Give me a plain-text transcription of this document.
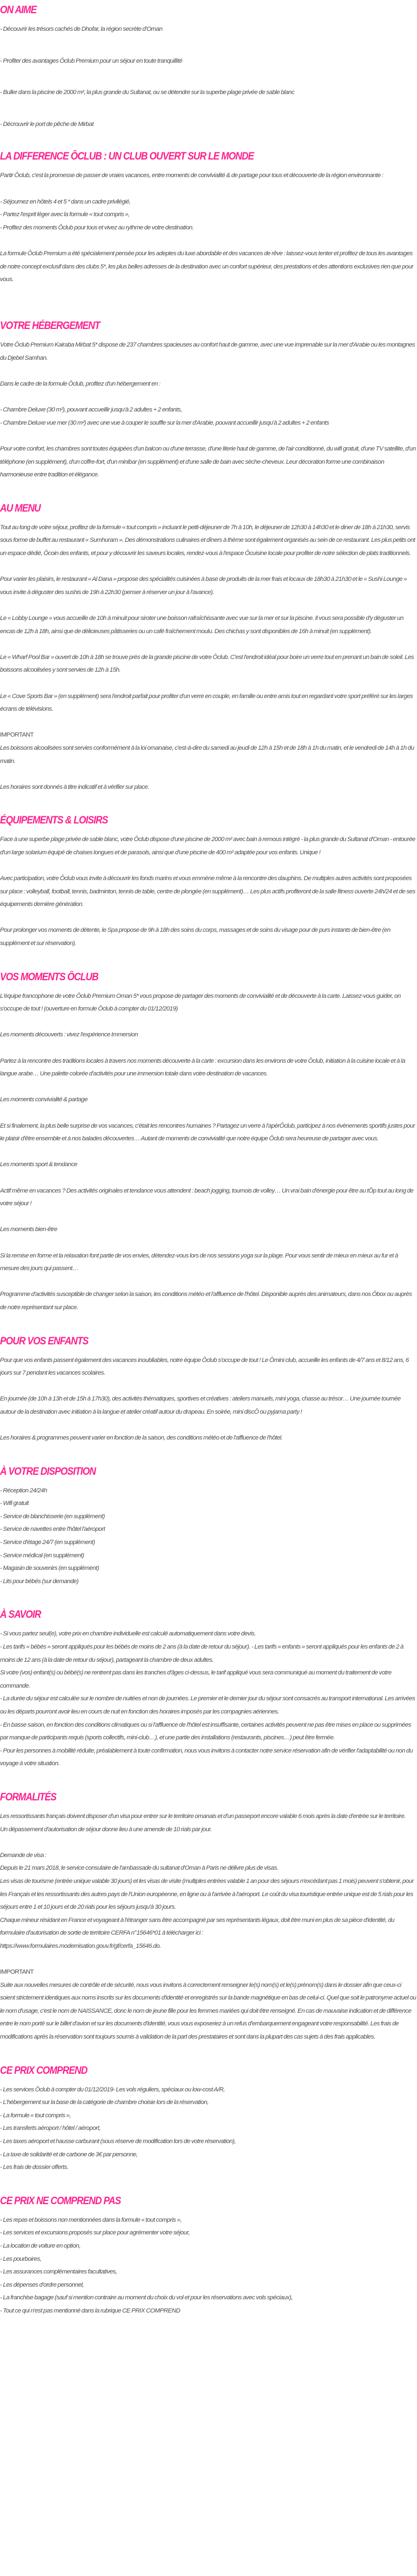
ON AIME

- Découvrir les trésors cachés de Dhofar, la région secrète d'Oman

- Profiter des avantages Ôclub Premium pour un séjour en toute tranquillité

- Buller dans la piscine de 2000 m², la plus grande du Sultanat, ou se détendre sur la superbe plage privée de sable blanc

- Décrouvrir le port de pêche de Mirbat

LA DIFFERENCE ÔCLUB : UN CLUB OUVERT SUR LE MONDE

Partir Ôclub, c'est la promesse de passer de vraies vacances, entre moments de convivialité & de partage pour tous et découverte de la région environnante :

- Séjournez en hôtels 4 et 5 * dans un cadre privilégié,

- Partez l'esprit léger avec la formule « tout compris »,

- Profitez des moments Ôclub pour tous et vivez au rythme de votre destination.

La formule Ôclub Premium a été spécialement pensée pour les adeptes du luxe abordable et des vacances de rêve : laissez-vous tenter et profitez de tous les avantages de notre concept exclusif dans des clubs 5*, les plus belles adresses de la destination avec un confort supérieur, des prestations et des attentions exclusives rien que pour vous.

VOTRE HÉBERGEMENT

Votre Ôclub Premium Kairaba Mirbat 5* dispose de 237 chambres spacieuses au confort haut de gamme, avec une vue imprenable sur la mer d'Arabie ou les montagnes du Djebel Samhan.

Dans le cadre de la formule Ôclub, profitez d'un hébergement en :

- Chambre Deluxe (30 m²), pouvant accueillir jusqu'à 2 adultes + 2 enfants,

- Chambre Deluxe vue mer (30 m²) avec une vue à couper le souffle sur la mer d'Arabie, pouvant accueillir jusqu'à 2 adultes + 2 enfants

Pour votre confort, les chambres sont toutes équipées d'un balcon ou d'une terrasse, d'une literie haut de gamme, de l'air conditionné, du wifi gratuit, d'une TV satellite, d'un téléphone (en supplément), d'un coffre-fort, d'un minibar (en supplément) et d'une salle de bain avec sèche-cheveux. Leur décoration forme une combinaison harmonieuse entre tradition et élégance.

AU MENU

Tout au long de votre séjour, profitez de la formule « tout compris » incluant le petit-déjeuner de 7h à 10h, le déjeuner de 12h30 à 14h30 et le diner de 18h à 21h30, servis sous forme de buffet au restaurant « Sumhuram ». Des démonstrations culinaires et dîners à thème sont également organisés au sein de ce restaurant. Les plus petits ont un espace dédié, Ôcoin des enfants, et pour y découvrir les saveurs locales, rendez-vous à l'espace Ôcuisine locale pour profiter de notre sélection de plats traditionnels.

Pour varier les plaisirs, le restaurant « Al Dana » propose des spécialités cuisinées à base de produits de la mer frais et locaux de 18h30 à 21h30 et le « Sushi Lounge » vous invite à déguster des sushis de 19h à 22h30 (penser à réserver un jour à l'avance).

Le « Lobby Lounge » vous accueille de 10h à minuit pour siroter une boisson rafraîchissante avec vue sur la mer et sur la piscine. Il vous sera possible d'y déguster un encas de 12h à 18h, ainsi que de délicieuses pâtisseries ou un café fraîchement moulu. Des chichas y sont disponibles de 16h à minuit (en supplément).

Le « Wharf Pool Bar » ouvert de 10h à 18h se trouve près de la grande piscine de votre Ôclub. C'est l'endroit idéal pour boire un verre tout en prenant un bain de soleil. Les boissons alcoolisées y sont servies de 12h à 15h.

Le « Cove Sports Bar » (en supplément) sera l'endroit parfait pour profiter d'un verre en couple, en famille ou entre amis tout en regardant votre sport préféré sur les larges écrans de télévisions.

IMPORTANT

Les boissons alcoolisées sont servies conformément à la loi omanaise, c'est-à-dire du samedi au jeudi de 12h à 15h et de 18h à 1h du matin, et le vendredi de 14h à 1h du matin.

Les horaires sont donnés à titre indicatif et à vérifier sur place.

ÉQUIPEMENTS & LOISIRS

Face à une superbe plage privée de sable blanc, votre Ôclub dispose d'une piscine de 2000 m² avec bain à remous intégré - la plus grande du Sultanat d'Oman - entourée d'un large solarium équipé de chaises longues et de parasols, ainsi que d'une piscine de 400 m² adaptée pour vos enfants. Unique !

Avec participation, votre Ôclub vous invite à découvrir les fonds marins et vous emmène même à la rencontre des dauphins. De multiples autres activités sont proposées sur place : volleyball, football, tennis, badminton, tennis de table, centre de plongée (en supplément)… Les plus actifs profiteront de la salle fitness ouverte 24h/24 et de ses équipements dernière génération.

Pour prolonger vos moments de détente, le Spa propose de 9h à 18h des soins du corps, massages et de soins du visage pour de purs instants de bien-être (en supplément et sur réservation).

VOS MOMENTS ÔCLUB

L'équipe francophone de votre Ôclub Premium Oman 5* vous propose de partager des moments de convivialité et de découverte à la carte. Laissez-vous guider, on s'occupe de tout ! (ouverture en formule Ôclub à compter du 01/12/2019)

Les moments découverts : vivez l'expérience Immersion

Partez à la rencontre des traditions locales à travers nos moments découverte à la carte : excursion dans les environs de votre Ôclub, initiation à la cuisine locale et à la langue arabe… Une palette colorée d'activités pour une immersion totale dans votre destination de vacances.

Les moments convivialité & partage

Et si finalement, la plus belle surprise de vos vacances, c'était les rencontres humaines ? Partagez un verre à l'apérÔclub, participez à nos évènements sportifs justes pour le plaisir d'être ensemble et à nos balades découvertes… Autant de moments de convivialité que notre équipe Ôclub sera heureuse de partager avec vous.

Les moments sport & tendance

Actif même en vacances ? Des activités originales et tendance vous attendent : beach jogging, tournois de volley… Un vrai bain d'énergie pour être au tÔp tout au long de votre séjour !

Les moments bien-être

Si la remise en forme et la relaxation font partie de vos envies, détendez-vous lors de nos sessions yoga sur la plage. Pour vous sentir de mieux en mieux au fur et à mesure des jours qui passent…

Programme d'activités susceptible de changer selon la saison, les conditions météo et l'affluence de l'hôtel. Disponible auprès des animateurs, dans nos Ôbox ou auprès de notre représentant sur place.

POUR VOS ENFANTS

Pour que vos enfants passent également des vacances inoubliables, notre équipe Ôclub s'occupe de tout ! Le Ômini club, accueille les enfants de 4/7 ans et 8/12 ans, 6 jours sur 7 pendant les vacances scolaires.

En journée (de 10h à 13h et de 15h à 17h30), des activités thématiques, sportives et créatives : ateliers manuels, mini yoga, chasse au trésor… Une journée tournée autour de la destination avec initiation à la langue et atelier créatif autour du drapeau. En soirée, mini discÔ ou pyjama party !

Les horaires & programmes peuvent varier en fonction de la saison, des conditions météo et de l'affluence de l'hôtel.

À VOTRE DISPOSITION

- Réception 24/24h

- Wifi gratuit

- Service de blanchisserie (en supplément)

- Service de navettes entre l'hôtel l'aéroport

- Service d'étage 24/7 (en supplément)

- Service médical (en supplément)

- Magasin de souvenirs (en supplément)

- Lits pour bébés (sur demande)

À SAVOIR

- Si vous partez seul(e), votre prix en chambre individuelle est calculé automatiquement dans votre devis.

- Les tarifs « bébés » seront appliqués pour les bébés de moins de 2 ans (à la date de retour du séjour). - Les tarifs « enfants » seront appliqués pour les enfants de 2 à moins de 12 ans (à la date de retour du séjour), partageant la chambre de deux adultes.

Si votre (vos) enfant(s) ou bébé(s) ne rentrent pas dans les tranches d'âges ci-dessus, le tarif appliqué vous sera communiqué au moment du traitement de votre commande.

- La durée du séjour est calculée sur le nombre de nuitées et non de journées. Le premier et le dernier jour du séjour sont consacrés au transport international. Les arrivées ou les départs pourront avoir lieu en cours de nuit en fonction des horaires imposés par les compagnies aériennes.

- En basse saison, en fonction des conditions climatiques ou si l'affluence de l'hôtel est insuffisante, certaines activités peuvent ne pas être mises en place ou supprimées par manque de participants requis (sports collectifs, mini-club…), et une partie des installations (restaurants, piscines…) peut être fermée.

- Pour les personnes à mobilité réduite, préalablement à toute confirmation, nous vous invitons à contacter notre service réservation afin de vérifier l'adaptabilité ou non du voyage à votre situation.

FORMALITÉS

Les ressortissants français doivent disposer d'un visa pour entrer sur le territoire omanais et d'un passeport encore valable 6 mois après la date d'entrée sur le territoire.

Un dépassement d'autorisation de séjour donne lieu à une amende de 10 rials par jour.

Demande de visa :

Depuis le 21 mars 2018, le service consulaire de l'ambassade du sultanat d'Oman à Paris ne délivre plus de visas.

Les visas de tourisme (entrée unique valable 30 jours) et les visas de visite (multiples entrées valable 1 an pour des séjours n'excédant pas 1 mois) peuvent s'obtenir, pour les Français et les ressortissants des autres pays de l'Union européenne, en ligne ou à l'arrivée à l'aéroport. Le coût du visa touristique entrée unique est de 5 rials pour les séjours entre 1 et 10 jours et de 20 rials pour les séjours jusqu'à 30 jours.

Chaque mineur résidant en France et voyageant à l'étranger sans être accompagné par ses représentants légaux, doit être muni en plus de sa pièce d'identité, du formulaire d'autorisation de sortie de territoire CERFA n°15646*01 à télécharger ici :

https://www.formulaires.modernisation.gouv.fr/gf/cerfa_15646.do.

IMPORTANT

Suite aux nouvelles mesures de contrôle et de sécurité, nous vous invitons à correctement renseigner le(s) nom(s) et le(s) prénom(s) dans le dossier afin que ceux-ci soient strictement identiques aux noms inscrits sur les documents d'identité et enregistrés sur la bande magnétique en bas de celui-ci. Quel que soit le patronyme actuel ou le nom d'usage, c'est le nom de NAISSANCE, donc le nom de jeune fille pour les femmes mariées qui doit être renseigné. En cas de mauvaise indication et de différence entre le nom porté sur le billet d'avion et sur les documents d'identité, vous vous exposeriez à un refus d'embarquement engageant votre responsabilité. Les frais de modifications après la réservation sont toujours soumis à validation de la part des prestataires et sont dans la plupart des cas sujets à des frais applicables.

CE PRIX COMPREND

- Les services Ôclub à compter du 01/12/2019- Les vols réguliers, spéciaux ou low-cost A/R,

- L'hébergement sur la base de la catégorie de chambre choisie lors de la réservation,

- La formule « tout compris »,

- Les transferts aéroport / hôtel / aéroport,

- Les taxes aéroport et hausse carburant (sous réserve de modification lors de votre réservation),

- La taxe de solidarité et de carbone de 3€ par personne,

- Les frais de dossier offerts.

CE PRIX NE COMPREND PAS

- Les repas et boissons non mentionnées dans la formule « tout compris »,

- Les services et excursions proposés sur place pour agrémenter votre séjour,

- La location de voiture en option,

- Les pourboires,

- Les assurances complémentaires facultatives,

- Les dépenses d'ordre personnel,

- La franchise bagage (sauf si mention contraire au moment du choix du vol et pour les réservations avec vols spéciaux),

- Tout ce qui n'est pas mentionné dans la rubrique CE PRIX COMPREND
